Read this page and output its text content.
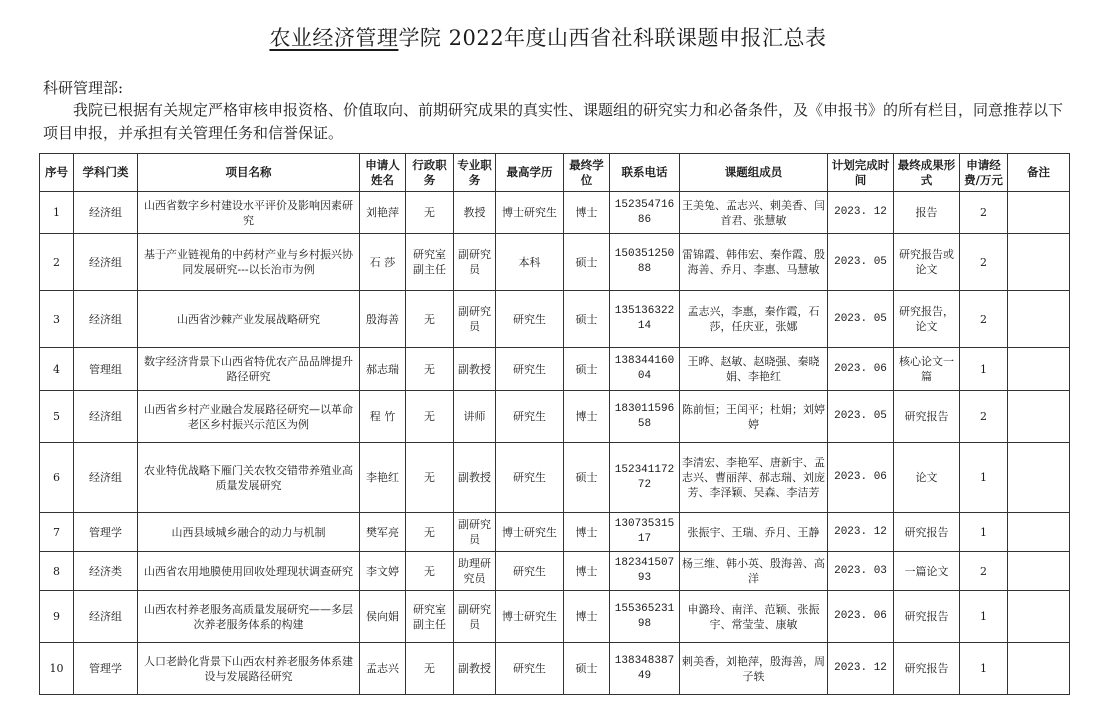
农业经济管理学院 2022年度山西省社科联课题申报汇总表
科研管理部:
我院已根据有关规定严格审核申报资格、价值取向、前期研究成果的真实性、课题组的研究实力和必备条件，及《申报书》的所有栏目，同意推荐以下项目申报，并承担有关管理任务和信誉保证。
序号	学科门类	项目名称	申请人姓名	行政职务	专业职务	最高学历	最终学位	联系电话	课题组成员	计划完成时间	最终成果形式	申请经费/万元	备注
1	经济组	山西省数字乡村建设水平评价及影响因素研究	刘艳萍	无	教授	博士研究生	博士	15235471686	王美兔、孟志兴、剌美香、闫首君、张慧敏	2023. 12	报告	2	
2	经济组	基于产业链视角的中药材产业与乡村振兴协同发展研究---以长治市为例	石 莎	研究室副主任	副研究员	本科	硕士	15035125088	雷锦霞、韩伟宏、秦作霞、殷海善、乔月、李惠、马慧敏	2023. 05	研究报告或论文	2	
3	经济组	山西省沙棘产业发展战略研究	殷海善	无	副研究员	研究生	硕士	13513632214	孟志兴，李惠，秦作霞，石莎，任庆亚，张娜	2023. 05	研究报告，论文	2	
4	管理组	数字经济背景下山西省特优农产品品牌提升路径研究	郝志瑞	无	副教授	研究生	硕士	13834416004	王晔、赵敏、赵晓强、秦晓娟、李艳红	2023. 06	核心论文一篇	1	
5	经济组	山西省乡村产业融合发展路径研究—以革命老区乡村振兴示范区为例	程 竹	无	讲师	研究生	博士	18301159658	陈前恒；王闰平；杜娟；刘婷婷	2023. 05	研究报告	2	
6	经济组	农业特优战略下雁门关农牧交错带养殖业高质量发展研究	李艳红	无	副教授	研究生	硕士	15234117272	李清宏、李艳军、唐新宇、孟志兴、曹丽萍、郝志瑞、刘庞芳、李泽颖、吴森、李洁芳	2023. 06	论文	1	
7	管理学	山西县域城乡融合的动力与机制	樊军亮	无	副研究员	博士研究生	博士	13073531517	张振宇、王瑞、乔月、王静	2023. 12	研究报告	1	
8	经济类	山西省农用地膜使用回收处理现状调查研究	李文婷	无	助理研究员	研究生	博士	18234150793	杨三维、韩小英、殷海善、高洋	2023. 03	一篇论文	2	
9	经济组	山西农村养老服务高质量发展研究——多层次养老服务体系的构建	侯向娟	研究室副主任	副研究员	博士研究生	博士	15536523198	申潞玲、南洋、范颖、张振宇、常莹莹、康敏	2023. 06	研究报告	1	
10	管理学	人口老龄化背景下山西农村养老服务体系建设与发展路径研究	孟志兴	无	副教授	研究生	硕士	13834838749	剌美香，刘艳萍，殷海善，周子轶	2023. 12	研究报告	1	
